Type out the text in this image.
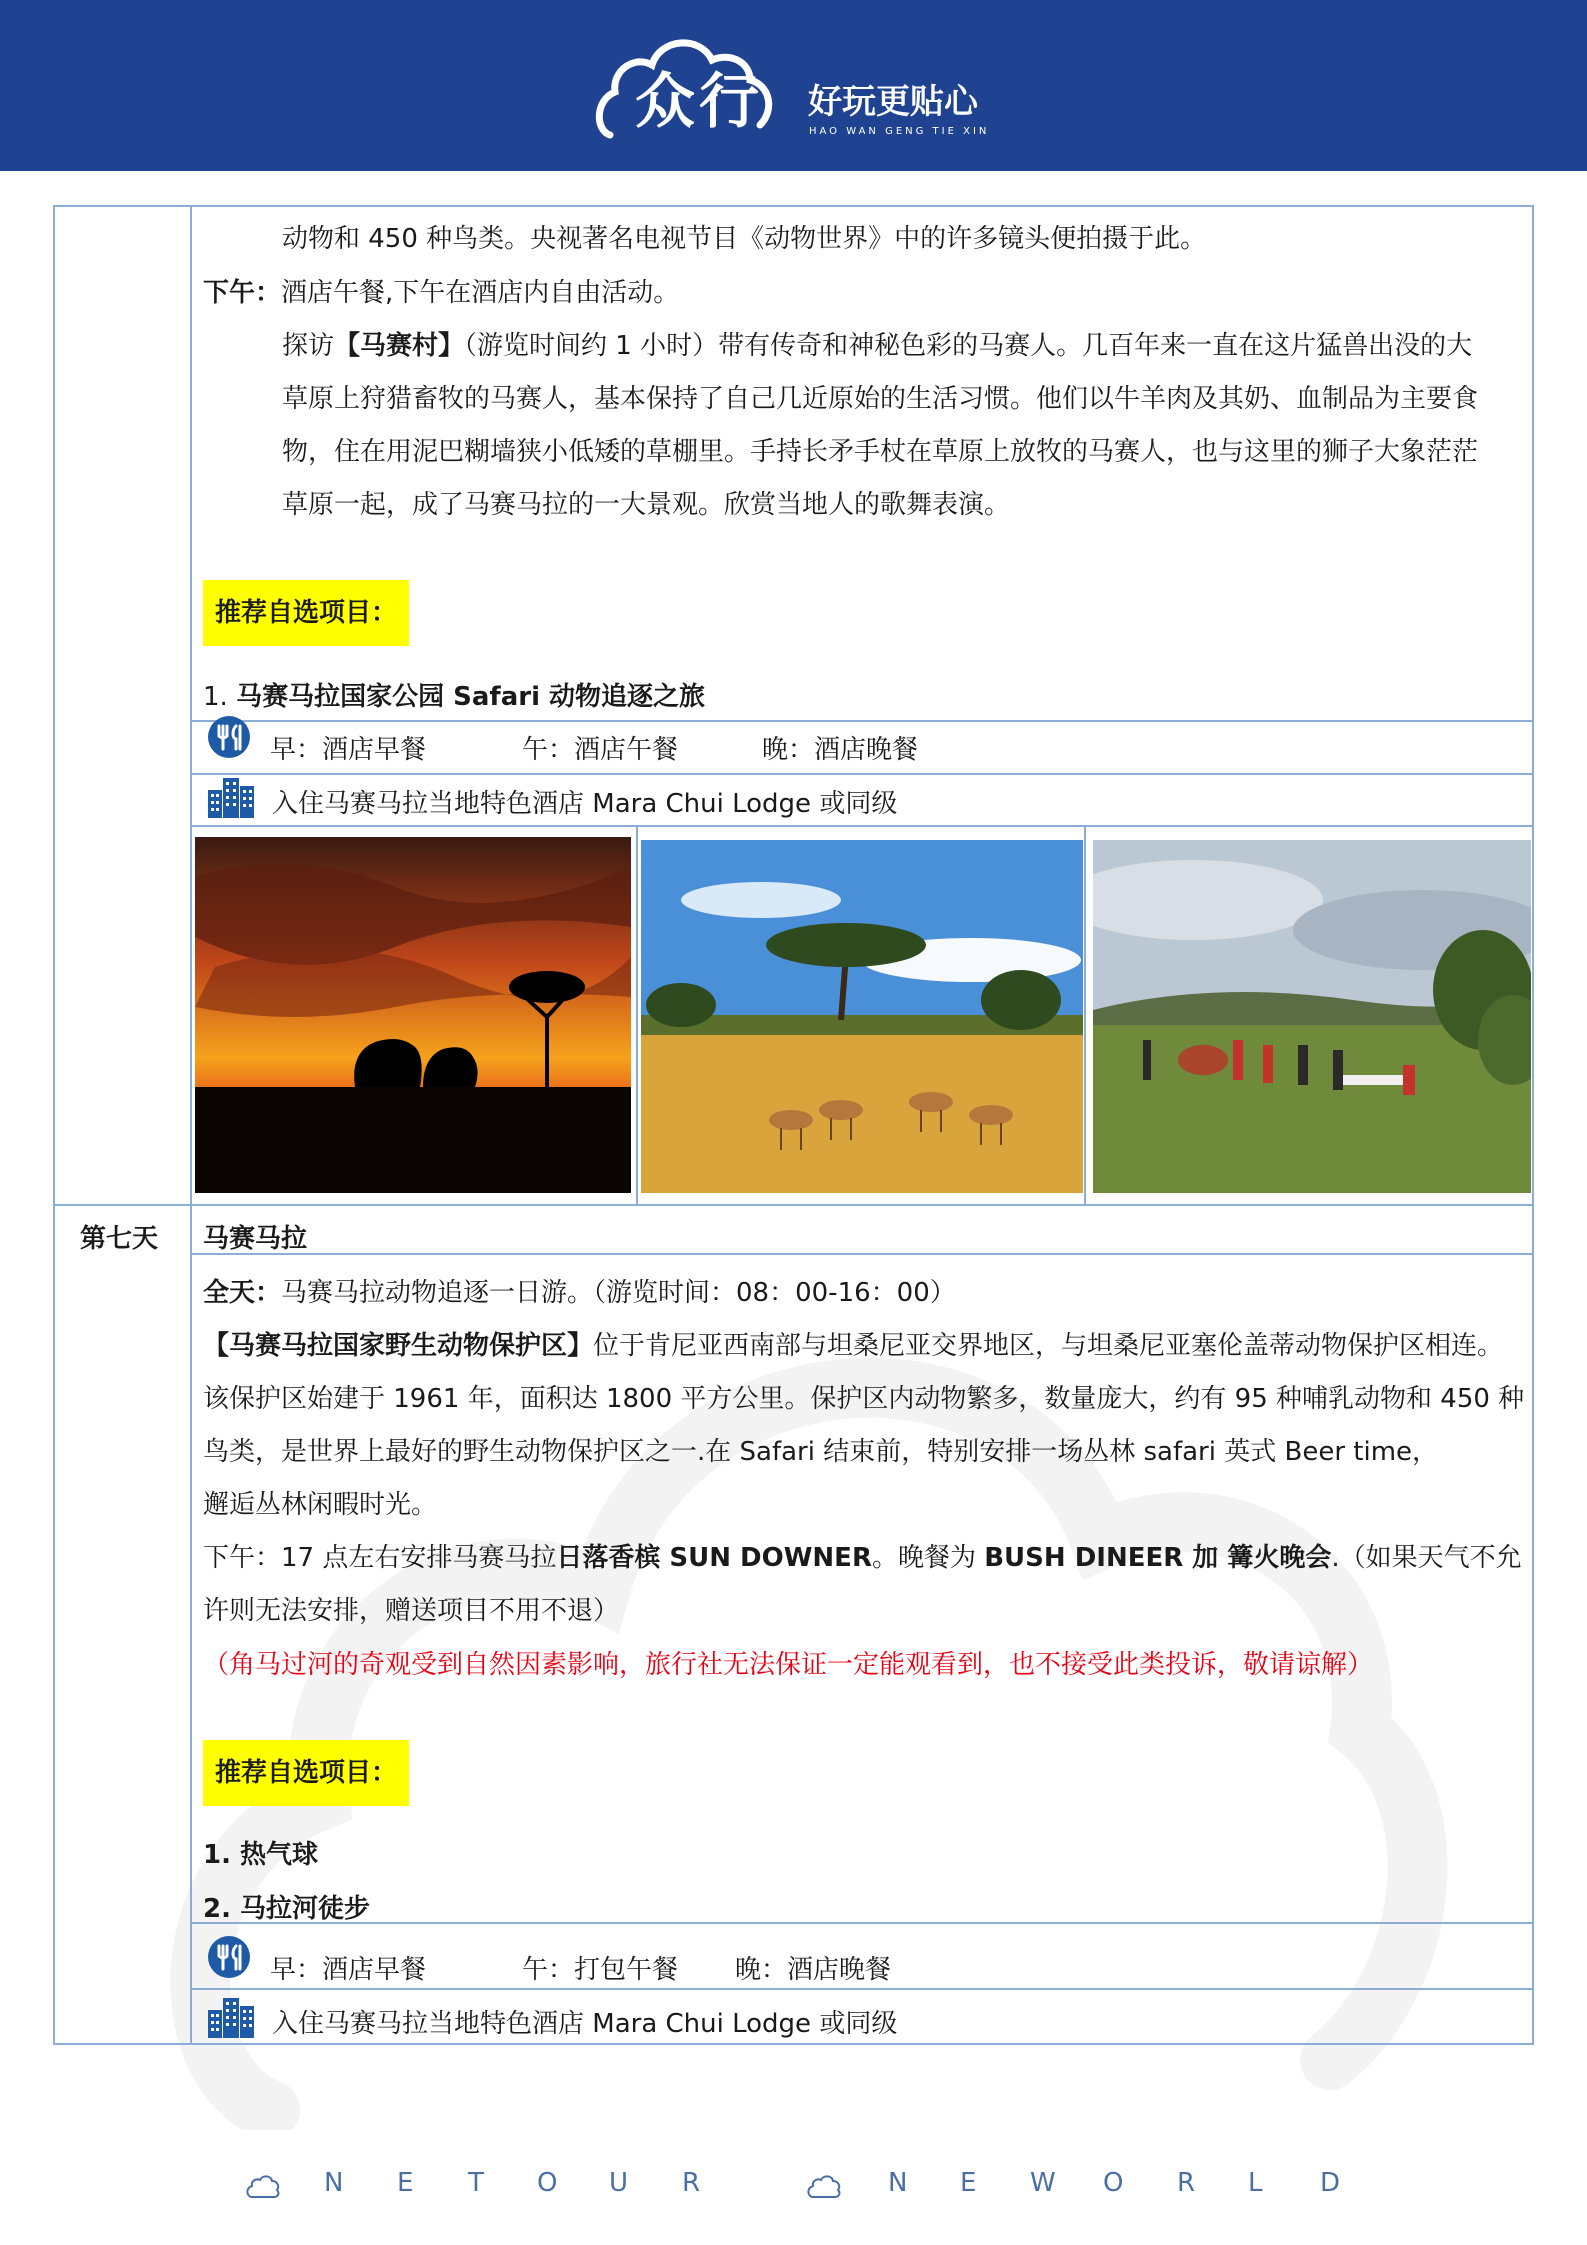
众行 好玩更贴心
HAO WAN GENG TIE XIN
动物和 450 种鸟类。央视著名电视节目《动物世界》中的许多镜头便拍摄于此。
下午：酒店午餐,下午在酒店内自由活动。
探访【马赛村】（游览时间约 1 小时）带有传奇和神秘色彩的马赛人。几百年来一直在这片猛兽出没的大
草原上狩猎畜牧的马赛人，基本保持了自己几近原始的生活习惯。他们以牛羊肉及其奶、血制品为主要食
物，住在用泥巴糊墙狭小低矮的草棚里。手持长矛手杖在草原上放牧的马赛人，也与这里的狮子大象茫茫
草原一起，成了马赛马拉的一大景观。欣赏当地人的歌舞表演。
推荐自选项目：
1. 马赛马拉国家公园 Safari 动物追逐之旅
早：酒店早餐	午：酒店午餐	晚：酒店晚餐
入住马赛马拉当地特色酒店 Mara Chui Lodge 或同级
第七天 马赛马拉
全天：马赛马拉动物追逐一日游。（游览时间：08：00-16：00）
【马赛马拉国家野生动物保护区】位于肯尼亚西南部与坦桑尼亚交界地区，与坦桑尼亚塞伦盖蒂动物保护区相连。
该保护区始建于 1961 年，面积达 1800 平方公里。保护区内动物繁多，数量庞大，约有 95 种哺乳动物和 450 种
鸟类，是世界上最好的野生动物保护区之一.在 Safari 结束前，特别安排一场丛林 safari 英式 Beer time，
邂逅丛林闲暇时光。
下午：17 点左右安排马赛马拉日落香槟 SUN DOWNER。晚餐为 BUSH DINEER 加 篝火晚会.（如果天气不允
许则无法安排，赠送项目不用不退）
（角马过河的奇观受到自然因素影响，旅行社无法保证一定能观看到，也不接受此类投诉，敬请谅解）
推荐自选项目：
1. 热气球
2. 马拉河徒步
早：酒店早餐	午：打包午餐 晚：酒店晚餐
入住马赛马拉当地特色酒店 Mara Chui Lodge 或同级
N E T O U R	N E W O R L D
